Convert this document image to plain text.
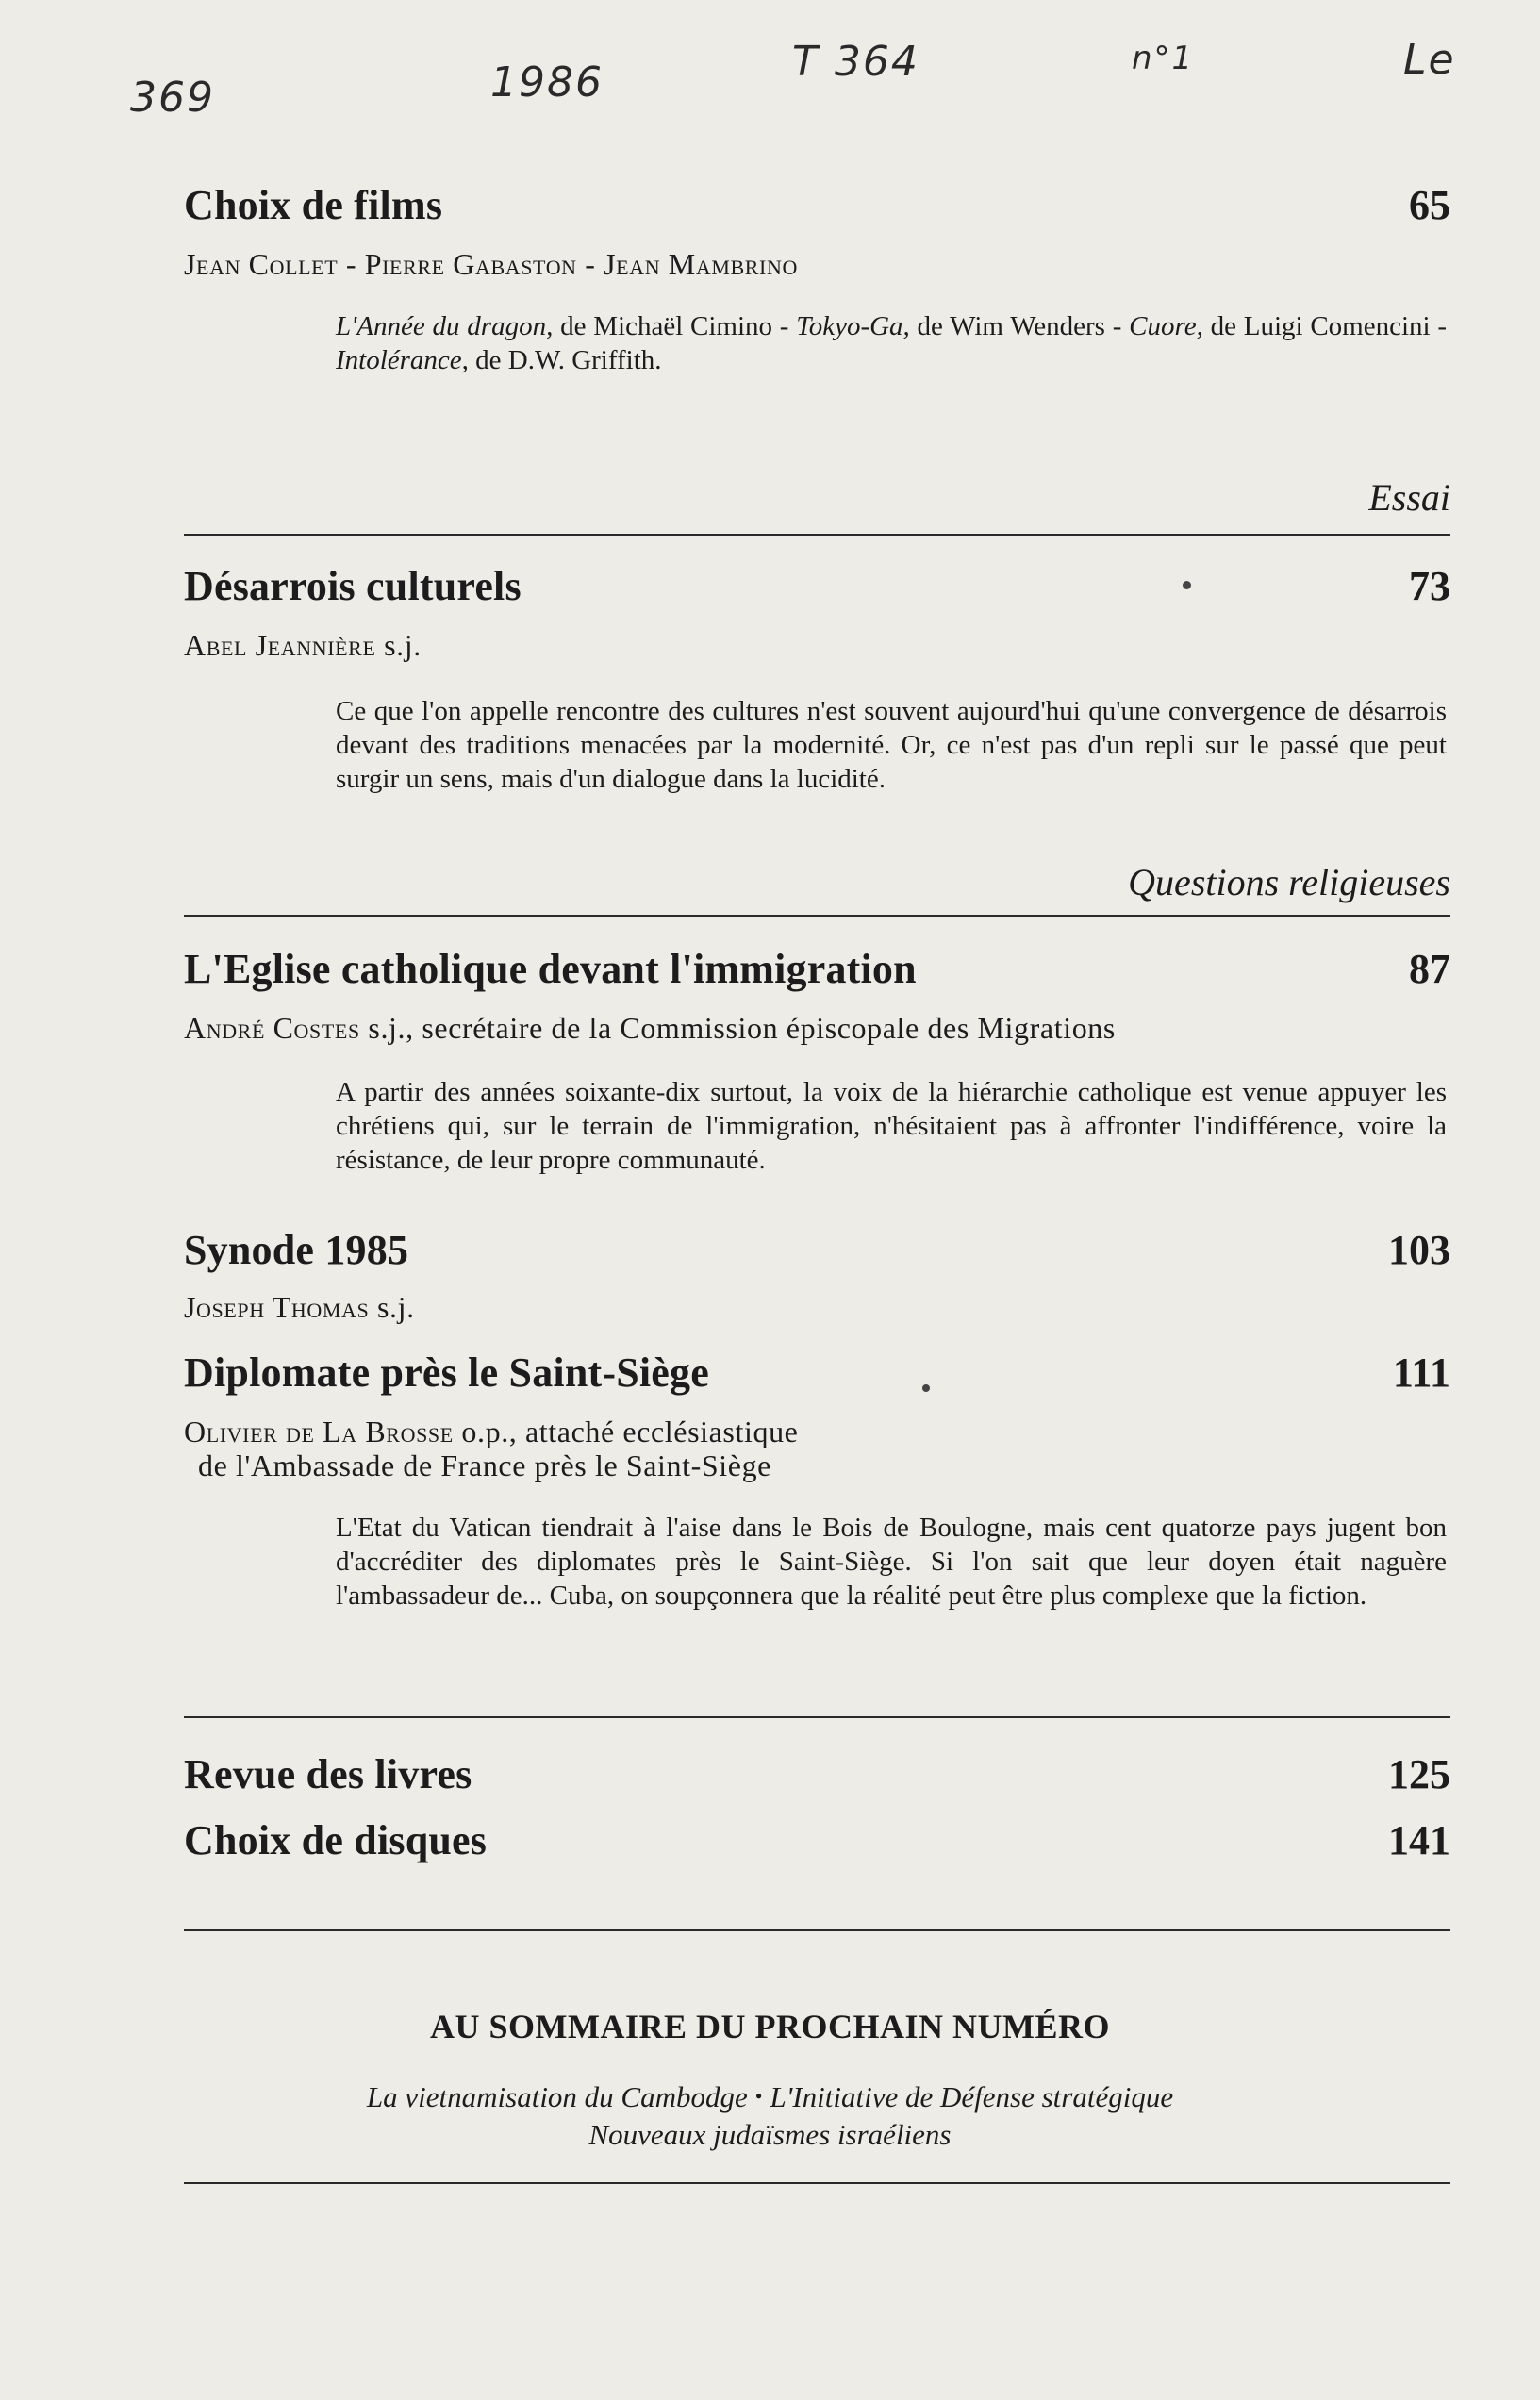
369	1986	T 364	n°1	Le
Choix de films	65
Jean Collet - Pierre Gabaston - Jean Mambrino
L'Année du dragon, de Michaël Cimino - Tokyo-Ga, de Wim Wenders - Cuore, de Luigi Comencini - Intolérance, de D.W. Griffith.
Essai
Désarrois culturels	73
Abel Jeannière s.j.
Ce que l'on appelle rencontre des cultures n'est souvent aujourd'hui qu'une convergence de désarrois devant des traditions menacées par la modernité. Or, ce n'est pas d'un repli sur le passé que peut surgir un sens, mais d'un dialogue dans la lucidité.
Questions religieuses
L'Eglise catholique devant l'immigration	87
André Costes s.j., secrétaire de la Commission épiscopale des Migrations
A partir des années soixante-dix surtout, la voix de la hiérarchie catholique est venue appuyer les chrétiens qui, sur le terrain de l'immigration, n'hésitaient pas à affronter l'indifférence, voire la résistance, de leur propre communauté.
Synode 1985	103
Joseph Thomas s.j.
Diplomate près le Saint-Siège	111
Olivier de La Brosse o.p., attaché ecclésiastique
de l'Ambassade de France près le Saint-Siège
L'Etat du Vatican tiendrait à l'aise dans le Bois de Boulogne, mais cent quatorze pays jugent bon d'accréditer des diplomates près le Saint-Siège. Si l'on sait que leur doyen était naguère l'ambassadeur de... Cuba, on soupçonnera que la réalité peut être plus complexe que la fiction.
Revue des livres	125
Choix de disques	141
AU SOMMAIRE DU PROCHAIN NUMÉRO
La vietnamisation du Cambodge • L'Initiative de Défense stratégique
Nouveaux judaïsmes israéliens
